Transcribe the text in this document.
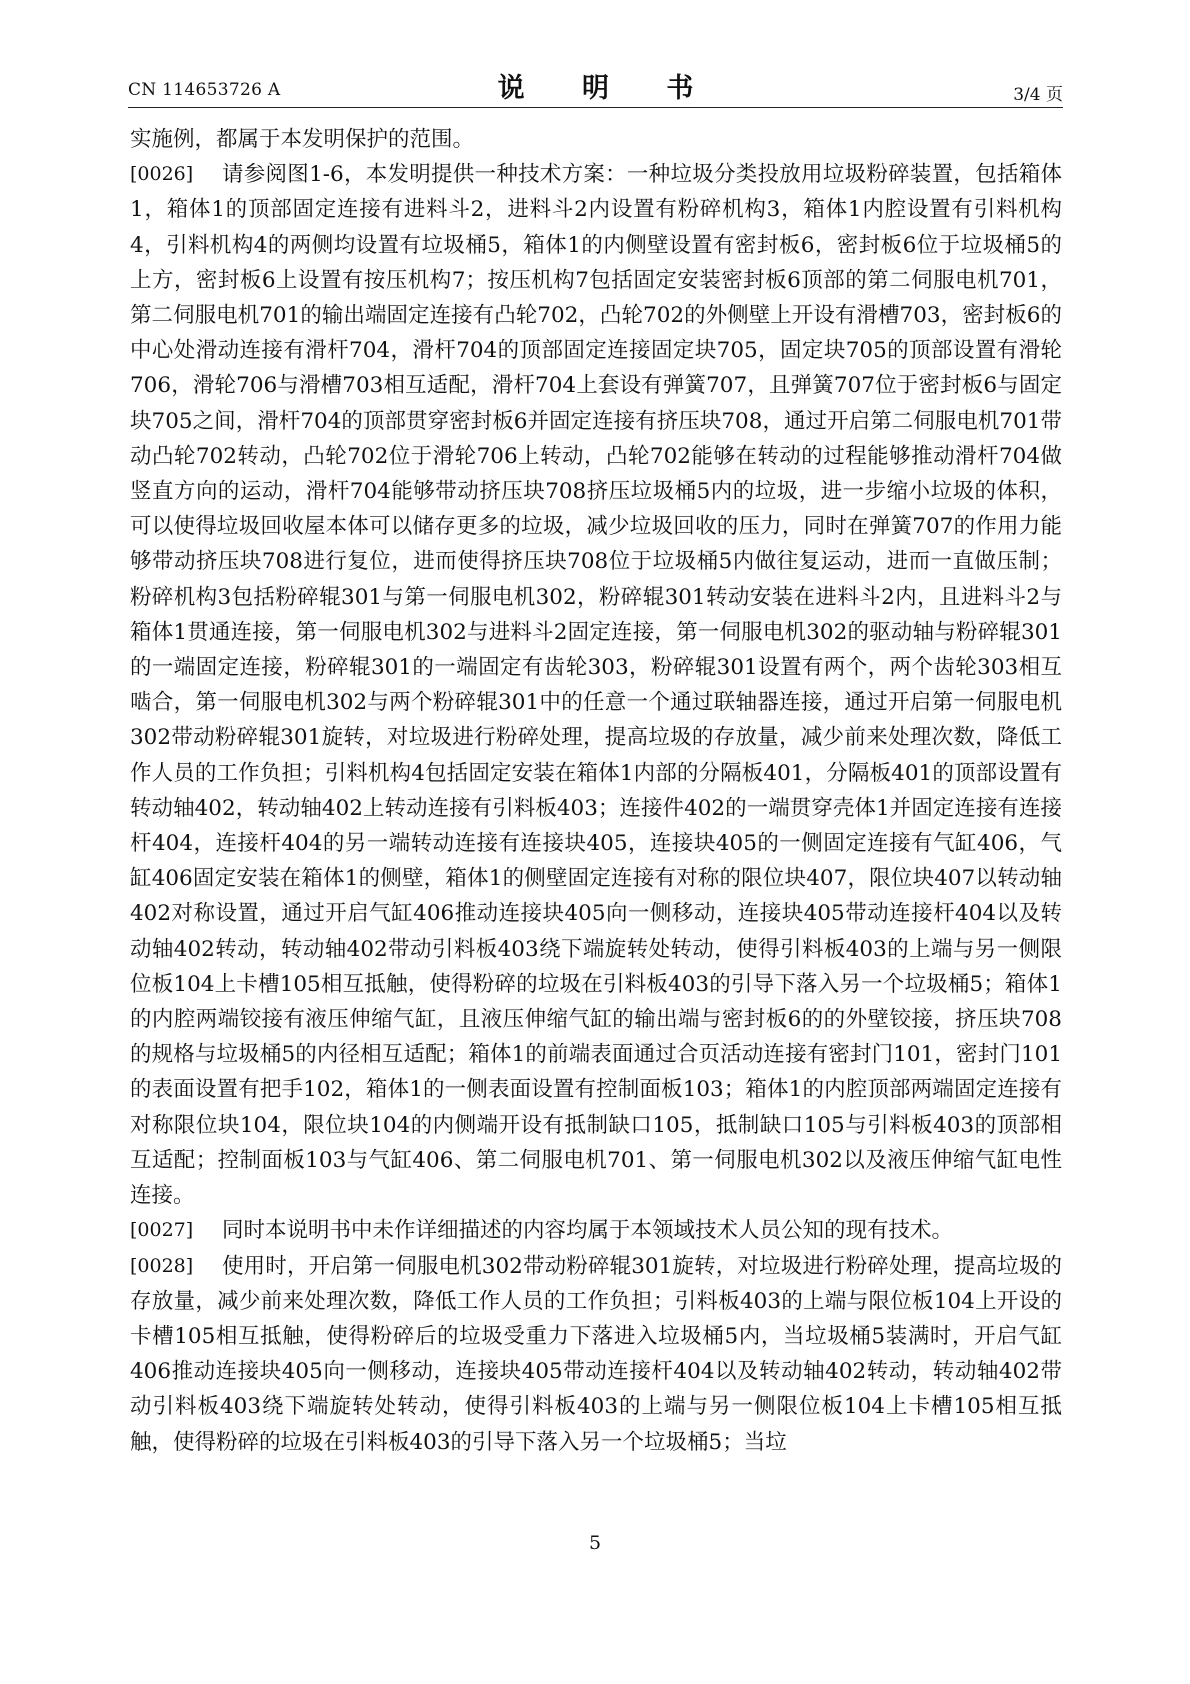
CN 114653726 A	说 明 书	3/4 页

实施例，都属于本发明保护的范围。

[0026] 请参阅图1-6，本发明提供一种技术方案：一种垃圾分类投放用垃圾粉碎装置，包括箱体1，箱体1的顶部固定连接有进料斗2，进料斗2内设置有粉碎机构3，箱体1内腔设置有引料机构4，引料机构4的两侧均设置有垃圾桶5，箱体1的内侧壁设置有密封板6，密封板6位于垃圾桶5的上方，密封板6上设置有按压机构7；按压机构7包括固定安装密封板6顶部的第二伺服电机701，第二伺服电机701的输出端固定连接有凸轮702，凸轮702的外侧壁上开设有滑槽703，密封板6的中心处滑动连接有滑杆704，滑杆704的顶部固定连接固定块705，固定块705的顶部设置有滑轮706，滑轮706与滑槽703相互适配，滑杆704上套设有弹簧707，且弹簧707位于密封板6与固定块705之间，滑杆704的顶部贯穿密封板6并固定连接有挤压块708，通过开启第二伺服电机701带动凸轮702转动，凸轮702位于滑轮706上转动，凸轮702能够在转动的过程能够推动滑杆704做竖直方向的运动，滑杆704能够带动挤压块708挤压垃圾桶5内的垃圾，进一步缩小垃圾的体积，可以使得垃圾回收屋本体可以储存更多的垃圾，减少垃圾回收的压力，同时在弹簧707的作用力能够带动挤压块708进行复位，进而使得挤压块708位于垃圾桶5内做往复运动，进而一直做压制；粉碎机构3包括粉碎辊301与第一伺服电机302，粉碎辊301转动安装在进料斗2内，且进料斗2与箱体1贯通连接，第一伺服电机302与进料斗2固定连接，第一伺服电机302的驱动轴与粉碎辊301的一端固定连接，粉碎辊301的一端固定有齿轮303，粉碎辊301设置有两个，两个齿轮303相互啮合，第一伺服电机302与两个粉碎辊301中的任意一个通过联轴器连接，通过开启第一伺服电机302带动粉碎辊301旋转，对垃圾进行粉碎处理，提高垃圾的存放量，减少前来处理次数，降低工作人员的工作负担；引料机构4包括固定安装在箱体1内部的分隔板401，分隔板401的顶部设置有转动轴402，转动轴402上转动连接有引料板403；连接件402的一端贯穿壳体1并固定连接有连接杆404，连接杆404的另一端转动连接有连接块405，连接块405的一侧固定连接有气缸406，气缸406固定安装在箱体1的侧壁，箱体1的侧壁固定连接有对称的限位块407，限位块407以转动轴402对称设置，通过开启气缸406推动连接块405向一侧移动，连接块405带动连接杆404以及转动轴402转动，转动轴402带动引料板403绕下端旋转处转动，使得引料板403的上端与另一侧限位板104上卡槽105相互抵触，使得粉碎的垃圾在引料板403的引导下落入另一个垃圾桶5；箱体1的内腔两端铰接有液压伸缩气缸，且液压伸缩气缸的输出端与密封板6的的外壁铰接，挤压块708的规格与垃圾桶5的内径相互适配；箱体1的前端表面通过合页活动连接有密封门101，密封门101的表面设置有把手102，箱体1的一侧表面设置有控制面板103；箱体1的内腔顶部两端固定连接有对称限位块104，限位块104的内侧端开设有抵制缺口105，抵制缺口105与引料板403的顶部相互适配；控制面板103与气缸406、第二伺服电机701、第一伺服电机302以及液压伸缩气缸电性连接。

[0027] 同时本说明书中未作详细描述的内容均属于本领域技术人员公知的现有技术。

[0028] 使用时，开启第一伺服电机302带动粉碎辊301旋转，对垃圾进行粉碎处理，提高垃圾的存放量，减少前来处理次数，降低工作人员的工作负担；引料板403的上端与限位板104上开设的卡槽105相互抵触，使得粉碎后的垃圾受重力下落进入垃圾桶5内，当垃圾桶5装满时，开启气缸406推动连接块405向一侧移动，连接块405带动连接杆404以及转动轴402转动，转动轴402带动引料板403绕下端旋转处转动，使得引料板403的上端与另一侧限位板104上卡槽105相互抵触，使得粉碎的垃圾在引料板403的引导下落入另一个垃圾桶5；当垃

5
